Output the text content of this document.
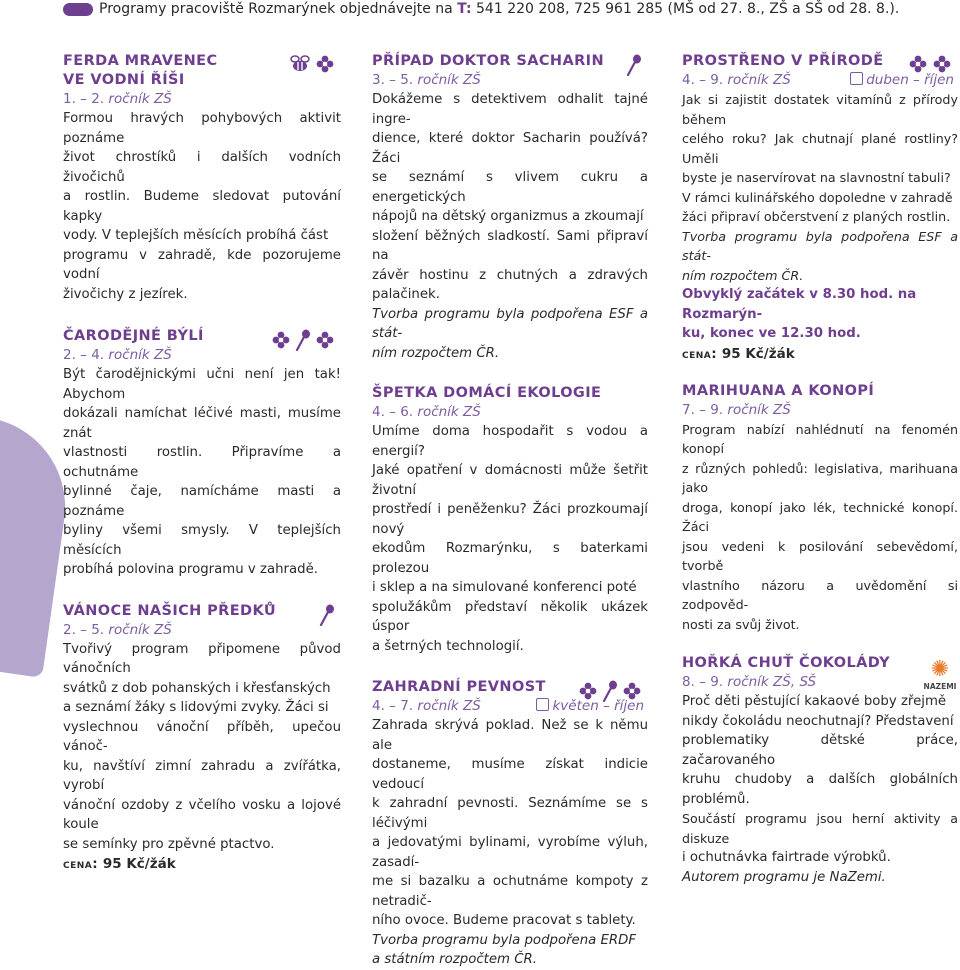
Programy pracoviště Rozmarýnek objednávejte na T: 541 220 208, 725 961 285 (MŠ od 27. 8., ZŠ a SŠ od 28. 8.).
FERDA MRAVENEC
VE VODNÍ ŘÍŠI
1. – 2. ročník ZŠ

Formou hravých pohybových aktivit poznáme

život chrostíků i dalších vodních živočichů

a rostlin. Budeme sledovat putování kapky

vody. V teplejších měsících probíhá část

programu v zahradě, kde pozorujeme vodní

živočichy z jezírek.

ČARODĚJNÉ BÝLÍ
2. – 4. ročník ZŠ

Být čarodějnickými učni není jen tak! Abychom

dokázali namíchat léčivé masti, musíme znát

vlastnosti rostlin. Připravíme a ochutnáme

bylinné čaje, namícháme masti a poznáme

byliny všemi smysly. V teplejších měsících

probíhá polovina programu v zahradě.

VÁNOCE NAŠICH PŘEDKŮ
2. – 5. ročník ZŠ

Tvořivý program připomene původ vánočních

svátků z dob pohanských i křesťanských

a seznámí žáky s lidovými zvyky. Žáci si

vyslechnou vánoční příběh, upečou vánoč-

ku, navštíví zimní zahradu a zvířátka, vyrobí

vánoční ozdoby z včelího vosku a lojové koule

se semínky pro zpěvné ptactvo.

cena: 95 Kč/žák
PŘÍPAD DOKTOR SACHARIN
3. – 5. ročník ZŠ

Dokážeme s detektivem odhalit tajné ingre-

dience, které doktor Sacharin používá? Žáci

se seznámí s vlivem cukru a energetických

nápojů na dětský organizmus a zkoumají

složení běžných sladkostí. Sami připraví na

závěr hostinu z chutných a zdravých palačinek.

Tvorba programu byla podpořena ESF a stát-

ním rozpočtem ČR.

ŠPETKA DOMÁCÍ EKOLOGIE
4. – 6. ročník ZŠ

Umíme doma hospodařit s vodou a energií?

Jaké opatření v domácnosti může šetřit životní

prostředí i peněženku? Žáci prozkoumají nový

ekodům Rozmarýnku, s baterkami prolezou

i sklep a na simulované konferenci poté

spolužákům představí několik ukázek úspor

a šetrných technologií.

ZAHRADNÍ PEVNOST
4. – 7. ročník ZŠ	květen – říjen

Zahrada skrývá poklad. Než se k němu ale

dostaneme, musíme získat indicie vedoucí

k zahradní pevnosti. Seznámíme se s léčivými

a jedovatými bylinami, vyrobíme výluh, zasadí-

me si bazalku a ochutnáme kompoty z netradič-

ního ovoce. Budeme pracovat s tablety.

Tvorba programu byla podpořena ERDF

a státním rozpočtem ČR.

PROSTŘENO V PŘÍRODĚ
4. – 9. ročník ZŠ	duben – říjen

Jak si zajistit dostatek vitamínů z přírody během

celého roku? Jak chutnají plané rostliny? Uměli

byste je naservírovat na slavnostní tabuli?

V rámci kulinářského dopoledne v zahradě

žáci připraví občerstvení z planých rostlin.

Tvorba programu byla podpořena ESF a stát-

ním rozpočtem ČR.

Obvyklý začátek v 8.30 hod. na Rozmarýn-
ku, konec ve 12.30 hod.
cena: 95 Kč/žák
MARIHUANA A KONOPÍ
7. – 9. ročník ZŠ

Program nabízí nahlédnutí na fenomén konopí

z různých pohledů: legislativa, marihuana jako

droga, konopí jako lék, technické konopí. Žáci

jsou vedeni k posilování sebevědomí, tvorbě

vlastního názoru a uvědomění si zodpověd-

nosti za svůj život.

✺
NAZEMI
HOŘKÁ CHUŤ ČOKOLÁDY
8. – 9. ročník ZŠ, SŠ

Proč děti pěstující kakaové boby zřejmě

nikdy čokoládu neochutnají? Představení

problematiky dětské práce, začarovaného

kruhu chudoby a dalších globálních problémů.

Součástí programu jsou herní aktivity a diskuze

i ochutnávka fairtrade výrobků.

Autorem programu je NaZemi.
